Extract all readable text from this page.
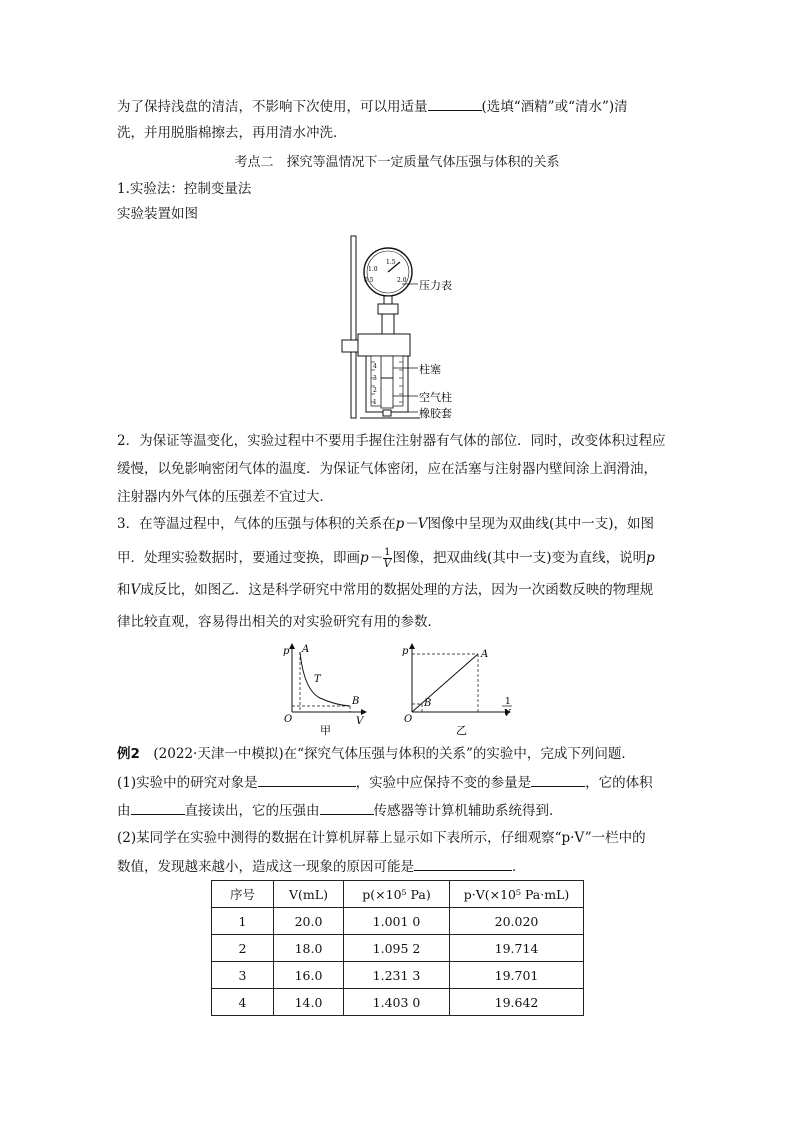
为了保持浅盘的清洁，不影响下次使用，可以用适量	(选填“酒精”或“清水”)清
洗，并用脱脂棉擦去，再用清水冲洗．
考点二　探究等温情况下一定质量气体压强与体积的关系
1.实验法：控制变量法
实验装置如图
1.0
1.5
0.5	2.0
4
3
2
1
压力表
柱塞
空气柱
橡胶套
2．为保证等温变化，实验过程中不要用手握住注射器有气体的部位．同时，改变体积过程应
缓慢，以免影响密闭气体的温度．为保证气体密闭，应在活塞与注射器内壁间涂上润滑油，
注射器内外气体的压强差不宜过大．
3．在等温过程中，气体的压强与体积的关系在p－V图像中呈现为双曲线(其中一支)，如图
甲．处理实验数据时，要通过变换，即画$p- \frac{1}{V}$ 图像，把双曲线(其中一支)变为直线，说明p
和V成反比，如图乙．这是科学研究中常用的数据处理的方法，因为一次函数反映的物理规
律比较直观，容易得出相关的对实验研究有用的参数．
p A
T
B
O	V
甲
p	A
B
O
1
V
乙
例2　 (2022·天津一中模拟)在“探究气体压强与体积的关系”的实验中，完成下列问题．
(1)实验中的研究对象是	，实验中应保持不变的参量是	，它的体积
由	直接读出，它的压强由	传感器等计算机辅助系统得到．
(2)某同学在实验中测得的数据在计算机屏幕上显示如下表所示，仔细观察“p·V”一栏中的
数值，发现越来越小，造成这一现象的原因可能是	．
序号	V(mL)	p(×10⁵ Pa)	p·V(×10⁵ Pa·mL)
1	20.0	1.001 0	20.020
2	18.0	1.095 2	19.714
3	16.0	1.231 3	19.701
4	14.0	1.403 0	19.642
